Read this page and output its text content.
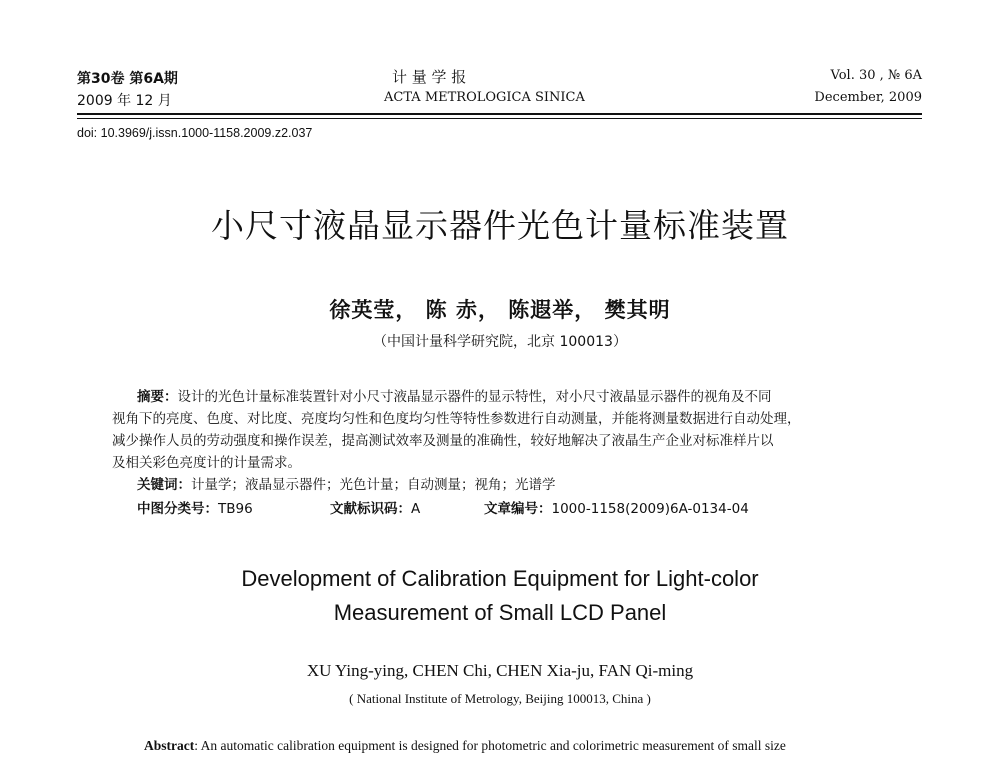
第30卷 第6A期
2009 年 12 月
计 量 学 报
ACTA METROLOGICA SINICA
Vol. 30 , № 6A
December, 2009
doi: 10.3969/j.issn.1000-1158.2009.z2.037
小尺寸液晶显示器件光色计量标准装置
徐英莹， 陈 赤， 陈遐举， 樊其明
（中国计量科学研究院，北京 100013）
摘要：设计的光色计量标准装置针对小尺寸液晶显示器件的显示特性，对小尺寸液晶显示器件的视角及不同
视角下的亮度、色度、对比度、亮度均匀性和色度均匀性等特性参数进行自动测量，并能将测量数据进行自动处理，
减少操作人员的劳动强度和操作误差，提高测试效率及测量的准确性，较好地解决了液晶生产企业对标准样片以
及相关彩色亮度计的计量需求。
关键词：计量学；液晶显示器件；光色计量；自动测量；视角；光谱学
中图分类号：TB96	文献标识码：A	文章编号：1000-1158(2009)6A-0134-04
Development of Calibration Equipment for Light-color
Measurement of Small LCD Panel
XU Ying-ying, CHEN Chi, CHEN Xia-ju, FAN Qi-ming
( National Institute of Metrology, Beijing 100013, China )
Abstract: An automatic calibration equipment is designed for photometric and colorimetric measurement of small size
